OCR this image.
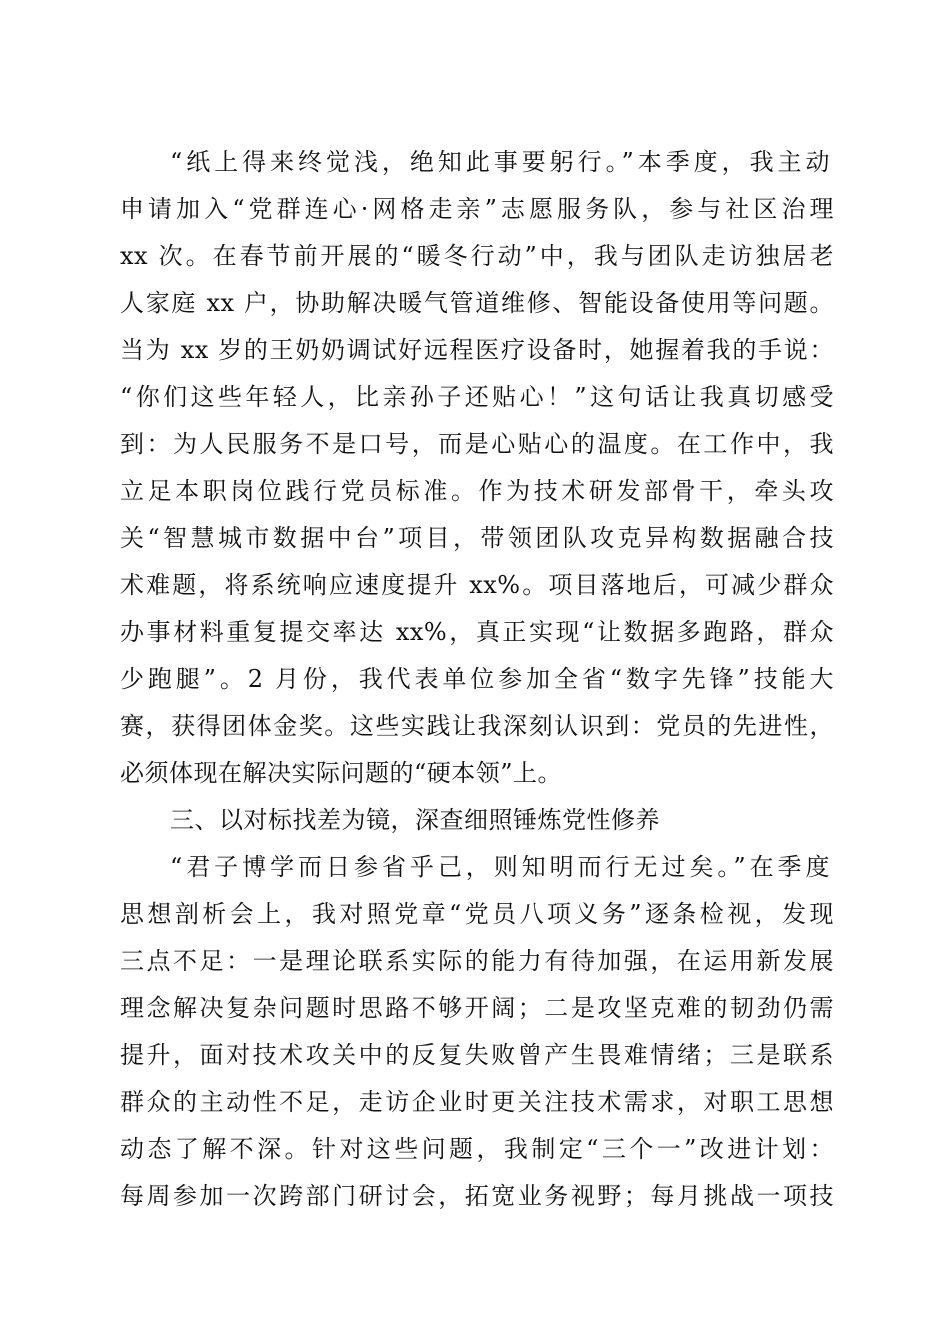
“纸上得来终觉浅，绝知此事要躬行。”本季度，我主动
申请加入“党群连心·网格走亲”志愿服务队，参与社区治理
xx 次。在春节前开展的“暖冬行动”中，我与团队走访独居老
人家庭 xx 户，协助解决暖气管道维修、智能设备使用等问题。
当为 xx 岁的王奶奶调试好远程医疗设备时，她握着我的手说：
“你们这些年轻人，比亲孙子还贴心！”这句话让我真切感受
到：为人民服务不是口号，而是心贴心的温度。在工作中，我
立足本职岗位践行党员标准。作为技术研发部骨干，牵头攻
关“智慧城市数据中台”项目，带领团队攻克异构数据融合技
术难题，将系统响应速度提升 xx%。项目落地后，可减少群众
办事材料重复提交率达 xx%，真正实现“让数据多跑路，群众
少跑腿”。2 月份，我代表单位参加全省“数字先锋”技能大
赛，获得团体金奖。这些实践让我深刻认识到：党员的先进性，
必须体现在解决实际问题的“硬本领”上。
三、以对标找差为镜，深查细照锤炼党性修养
“君子博学而日参省乎己，则知明而行无过矣。”在季度
思想剖析会上，我对照党章“党员八项义务”逐条检视，发现
三点不足：一是理论联系实际的能力有待加强，在运用新发展
理念解决复杂问题时思路不够开阔；二是攻坚克难的韧劲仍需
提升，面对技术攻关中的反复失败曾产生畏难情绪；三是联系
群众的主动性不足，走访企业时更关注技术需求，对职工思想
动态了解不深。针对这些问题，我制定“三个一”改进计划：
每周参加一次跨部门研讨会，拓宽业务视野；每月挑战一项技
